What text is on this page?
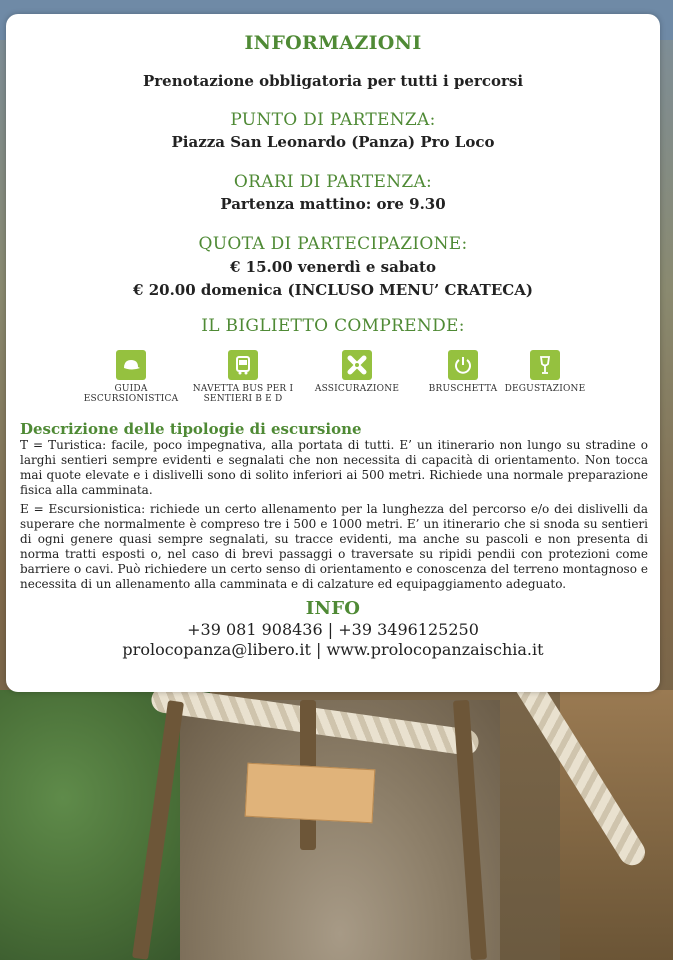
INFORMAZIONI
Prenotazione obbligatoria per tutti i percorsi
PUNTO DI PARTENZA:
Piazza San Leonardo (Panza) Pro Loco
ORARI DI PARTENZA:
Partenza mattino: ore 9.30
QUOTA DI PARTECIPAZIONE:
€ 15.00 venerdì e sabato
€ 20.00 domenica (INCLUSO MENU’ CRATECA)
IL BIGLIETTO COMPRENDE:
GUIDA ESCURSIONISTICA
NAVETTA BUS PER I SENTIERI B E D
ASSICURAZIONE	BRUSCHETTA DEGUSTAZIONE
Descrizione delle tipologie di escursione
T = Turistica: facile, poco impegnativa, alla portata di tutti. E’ un itinerario non lungo su stradine o larghi sentieri sempre evidenti e segnalati che non necessita di capacità di orientamento. Non tocca mai quote elevate e i dislivelli sono di solito inferiori ai 500 metri. Richiede una normale preparazione fisica alla camminata.
E = Escursionistica: richiede un certo allenamento per la lunghezza del percorso e/o dei dislivelli da superare che normalmente è compreso tre i 500 e 1000 metri. E’ un itinerario che si snoda su sentieri di ogni genere quasi sempre segnalati, su tracce evidenti, ma anche su pascoli e non presenta di norma tratti esposti o, nel caso di brevi passaggi o traversate su ripidi pendii con protezioni come barriere o cavi. Può richiedere un certo senso di orientamento e conoscenza del terreno montagnoso e necessita di un allenamento alla camminata e di calzature ed equipaggiamento adeguato.
INFO
+39 081 908436 | +39 3496125250
prolocopanza@libero.it | www.prolocopanzaischia.it
